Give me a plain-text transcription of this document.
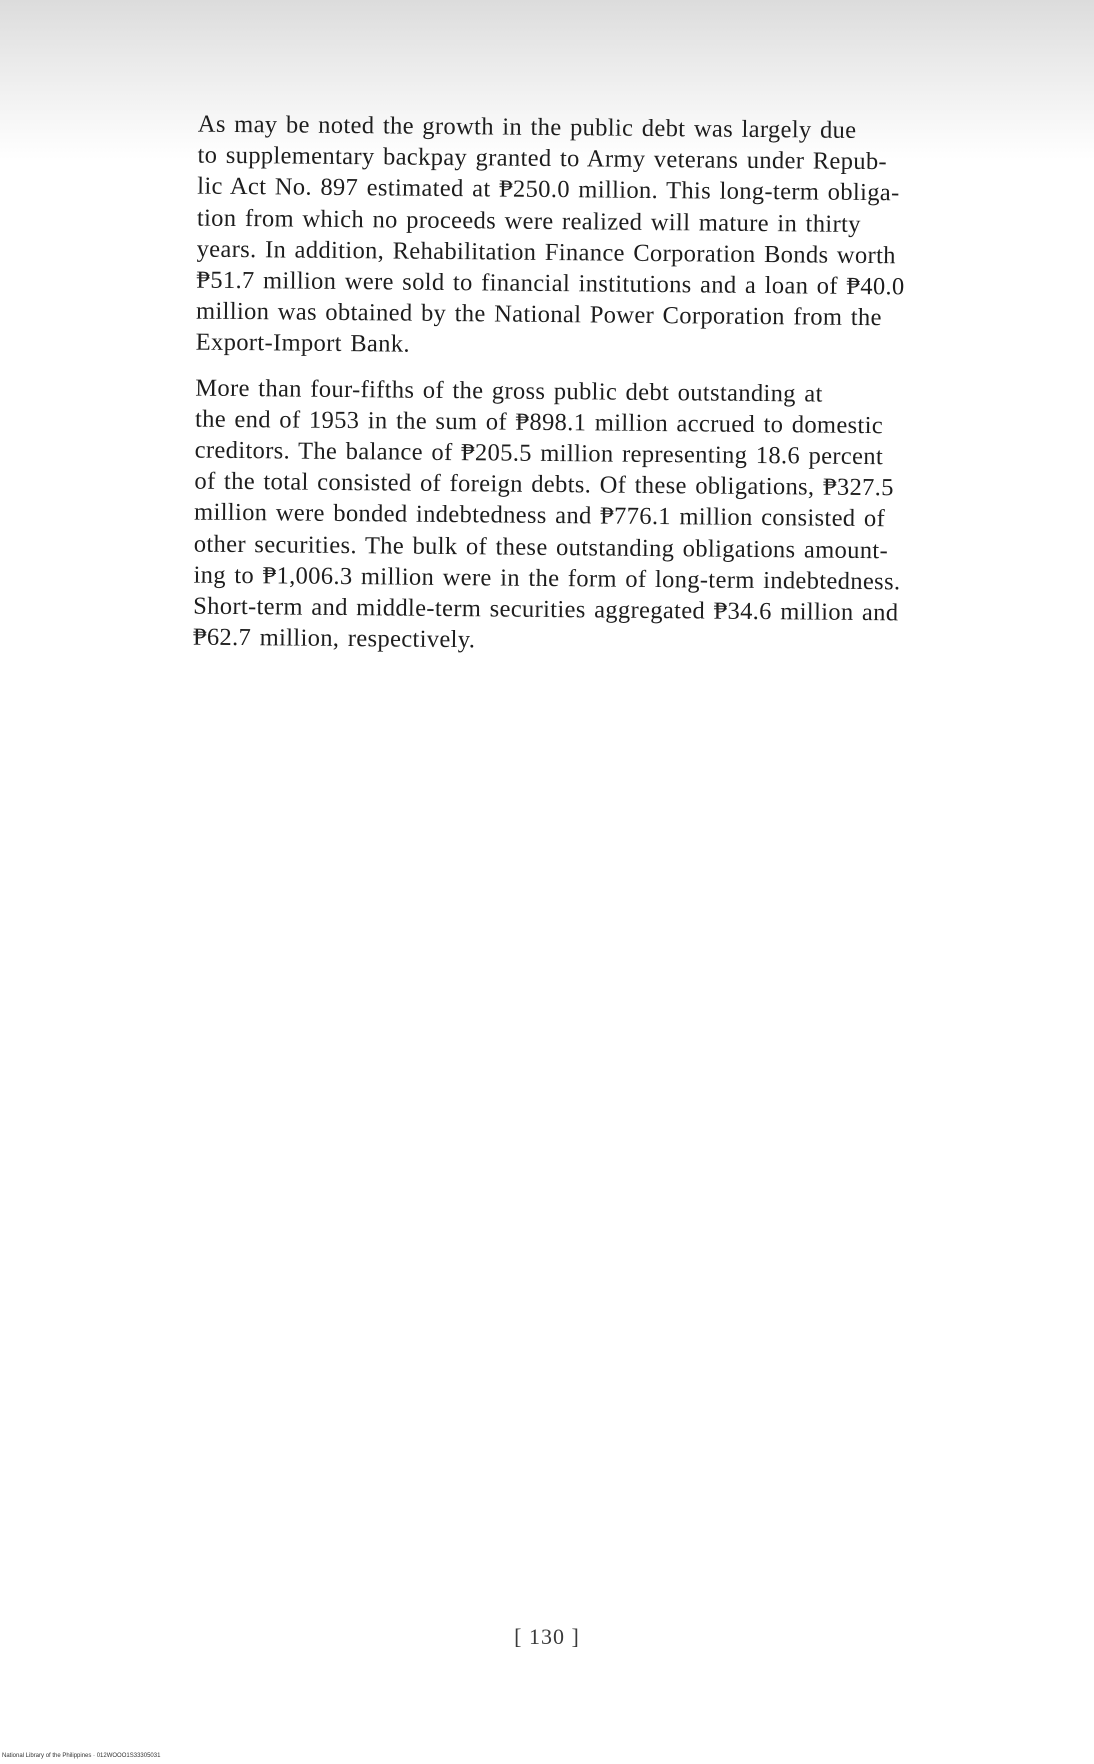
As may be noted the growth in the public debt was largely due
to supplementary backpay granted to Army veterans under Repub-
lic Act No. 897 estimated at ₱250.0 million. This long-term obliga-
tion from which no proceeds were realized will mature in thirty
years. In addition, Rehabilitation Finance Corporation Bonds worth
₱51.7 million were sold to financial institutions and a loan of ₱40.0
million was obtained by the National Power Corporation from the
Export-Import Bank.

More than four-fifths of the gross public debt outstanding at
the end of 1953 in the sum of ₱898.1 million accrued to domestic
creditors. The balance of ₱205.5 million representing 18.6 percent
of the total consisted of foreign debts. Of these obligations, ₱327.5
million were bonded indebtedness and ₱776.1 million consisted of
other securities. The bulk of these outstanding obligations amount-
ing to ₱1,006.3 million were in the form of long-term indebtedness.
Short-term and middle-term securities aggregated ₱34.6 million and
₱62.7 million, respectively.

[ 130 ]
National Library of the Philippines · 012WOOO1S33305031
